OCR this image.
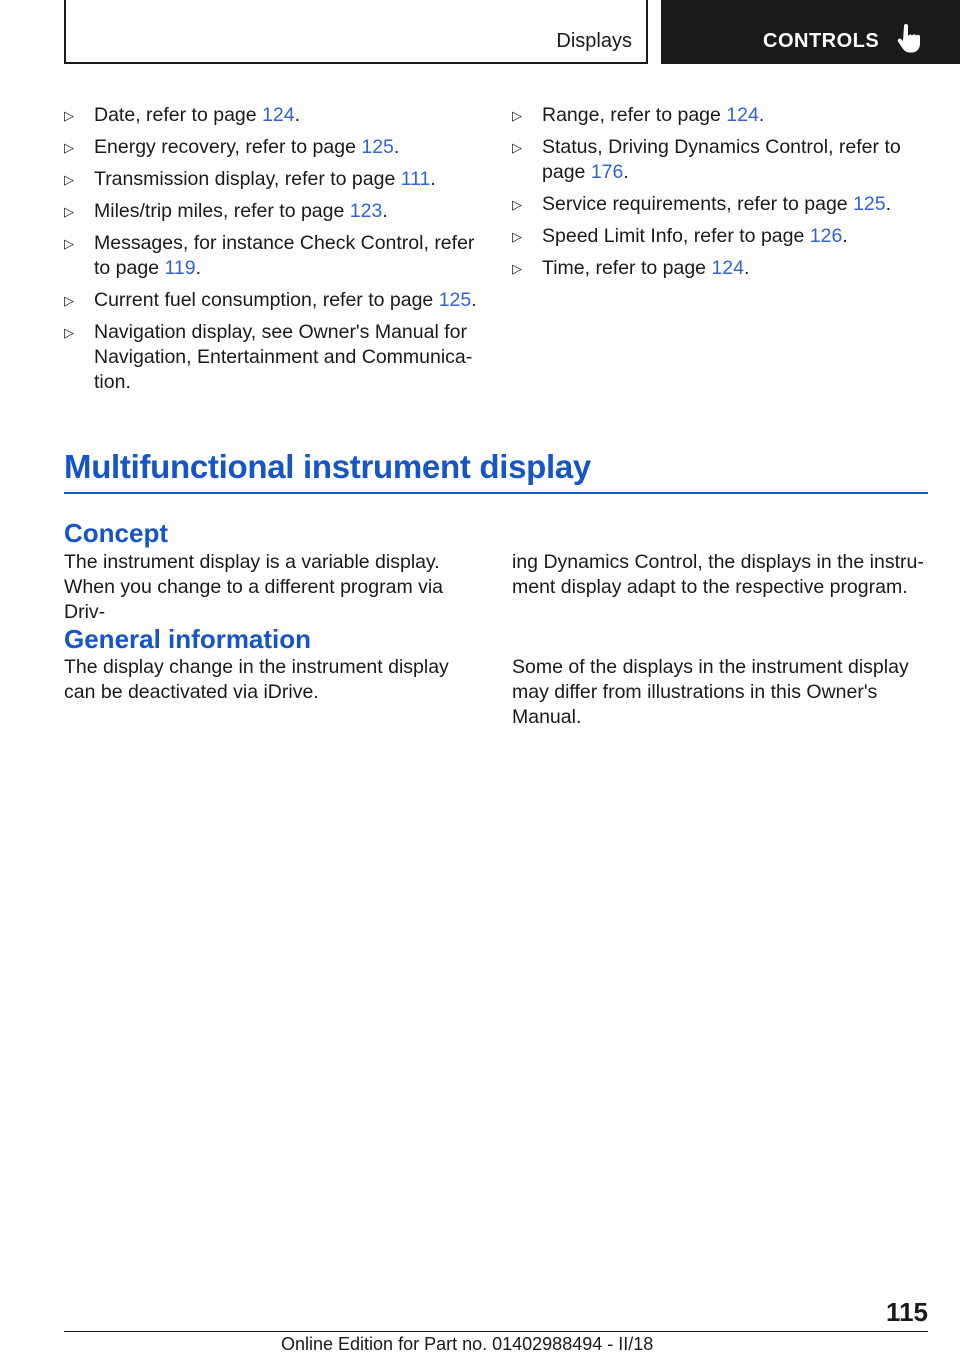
Displays	CONTROLS
▷ Date, refer to page 124.
▷ Energy recovery, refer to page 125.
▷ Transmission display, refer to page 111.
▷ Miles/trip miles, refer to page 123.
▷ Messages, for instance Check Control, refer to page 119.
▷ Current fuel consumption, refer to page 125.
▷ Navigation display, see Owner's Manual for Navigation, Entertainment and Communica‐tion.
▷ Range, refer to page 124.
▷ Status, Driving Dynamics Control, refer to page 176.
▷ Service requirements, refer to page 125.
▷ Speed Limit Info, refer to page 126.
▷ Time, refer to page 124.
Multifunctional instrument display
Concept

The instrument display is a variable display. When you change to a different program via Driv‐

ing Dynamics Control, the displays in the instru‐ment display adapt to the respective program.

General information

The display change in the instrument display can be deactivated via iDrive.

Some of the displays in the instrument display may differ from illustrations in this Owner's Manual.

115
Online Edition for Part no. 01402988494 - II/18
